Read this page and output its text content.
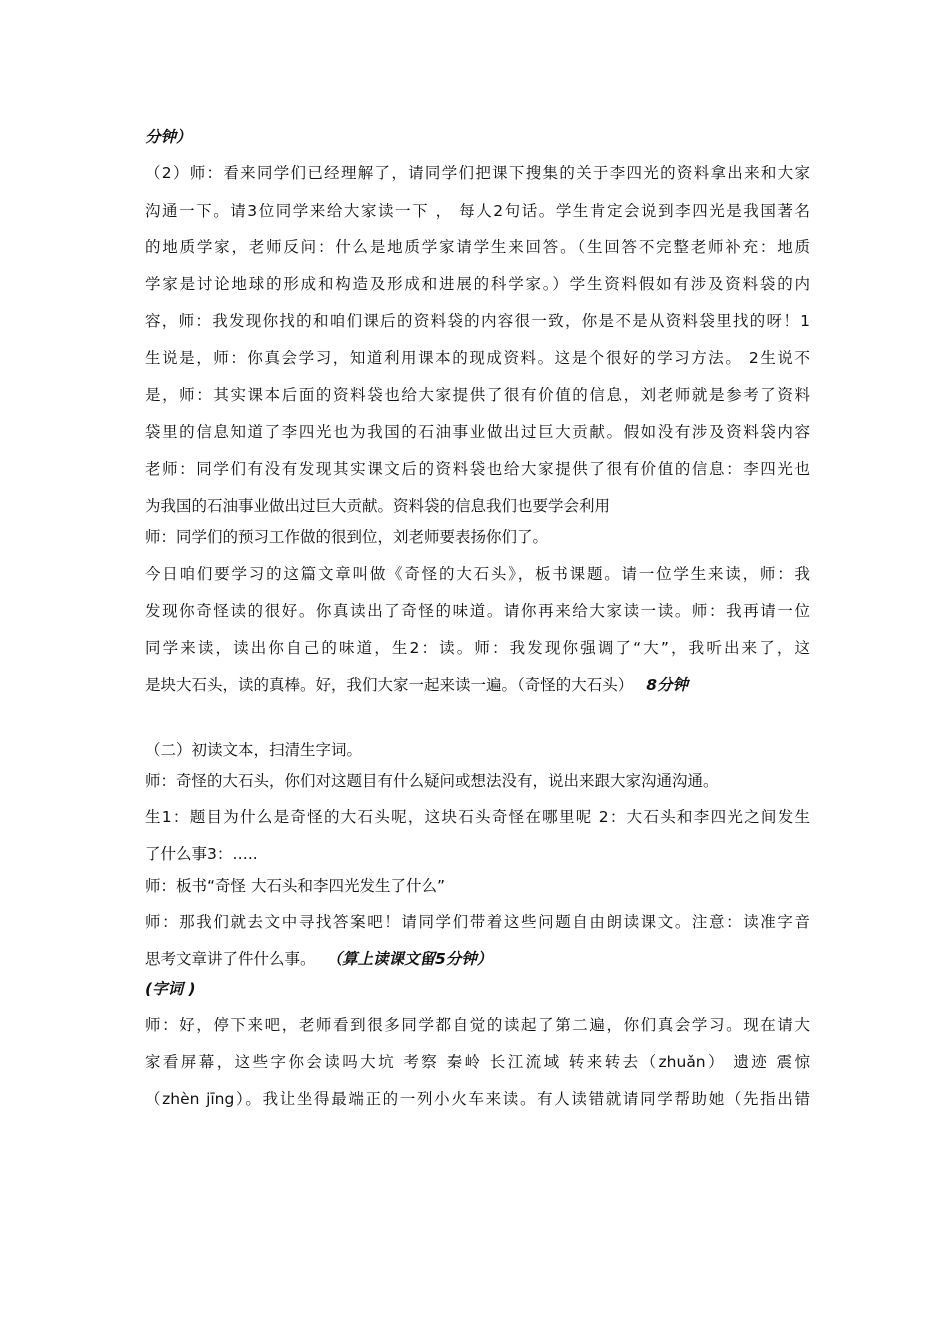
分钟）
（2）师：看来同学们已经理解了，请同学们把课下搜集的关于李四光的资料拿出来和大家
沟通一下。请3位同学来给大家读一下 ， 每人2句话。学生肯定会说到李四光是我国著名
的地质学家，老师反问：什么是地质学家请学生来回答。（生回答不完整老师补充：地质
学家是讨论地球的形成和构造及形成和进展的科学家。）学生资料假如有涉及资料袋的内
容，师：我发现你找的和咱们课后的资料袋的内容很一致，你是不是从资料袋里找的呀！1
生说是，师：你真会学习，知道利用课本的现成资料。这是个很好的学习方法。 2生说不
是，师：其实课本后面的资料袋也给大家提供了很有价值的信息，刘老师就是参考了资料
袋里的信息知道了李四光也为我国的石油事业做出过巨大贡献。假如没有涉及资料袋内容
老师：同学们有没有发现其实课文后的资料袋也给大家提供了很有价值的信息：李四光也
为我国的石油事业做出过巨大贡献。资料袋的信息我们也要学会利用
师：同学们的预习工作做的很到位，刘老师要表扬你们了。
今日咱们要学习的这篇文章叫做《奇怪的大石头》，板书课题。请一位学生来读，师：我
发现你奇怪读的很好。你真读出了奇怪的味道。请你再来给大家读一读。师：我再请一位
同学来读，读出你自己的味道，生2：读。师：我发现你强调了“大”，我听出来了，这
是块大石头，读的真棒。好，我们大家一起来读一遍。（奇怪的大石头） 8分钟
（二）初读文本，扫清生字词。
师：奇怪的大石头，你们对这题目有什么疑问或想法没有，说出来跟大家沟通沟通。
生1：题目为什么是奇怪的大石头呢，这块石头奇怪在哪里呢 2：大石头和李四光之间发生
了什么事3：…..
师：板书“奇怪 大石头和李四光发生了什么”
师：那我们就去文中寻找答案吧！请同学们带着这些问题自由朗读课文。注意：读准字音
思考文章讲了件什么事。 （算上读课文留5分钟）
(字词 )
师：好，停下来吧，老师看到很多同学都自觉的读起了第二遍，你们真会学习。现在请大
家看屏幕，这些字你会读吗大坑 考察 秦岭 长江流域 转来转去（zhuǎn） 遗迹 震惊
（zhèn jīng）。我让坐得最端正的一列小火车来读。有人读错就请同学帮助她（先指出错
